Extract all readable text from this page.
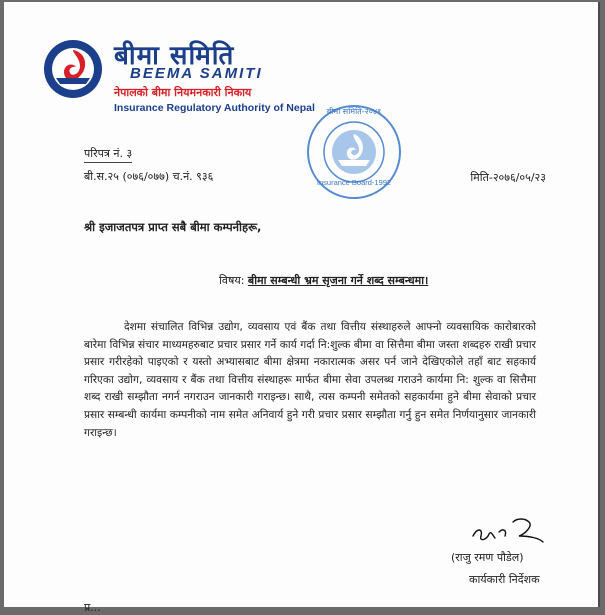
बीमा समिति
BEEMA SAMITI
नेपालको बीमा नियमनकारी निकाय
Insurance Regulatory Authority of Nepal	बीमा समिति-२०४९
Insurance Board-1992
परिपत्र नं. ३
बी.स.२५ (०७६/०७७) च.नं. ९३६	मिति-२०७६/०५/२३
श्री इजाजतपत्र प्राप्त सबै बीमा कम्पनीहरू,
विषय: बीमा सम्बन्धी भ्रम सृजना गर्ने शब्द सम्बन्धमा।
देशमा संचालित विभिन्न उद्योग, व्यवसाय एवं बैंक तथा वित्तीय संस्थाहरुले आफ्नो व्यवसायिक कारोबारको बारेमा विभिन्न संचार माध्यमहरुबाट प्रचार प्रसार गर्ने कार्य गर्दा नि:शुल्क बीमा वा सित्तैमा बीमा जस्ता शब्दहरु राखी प्रचार प्रसार गरीरहेको पाइएको र यस्तो अभ्यासबाट बीमा क्षेत्रमा नकारात्मक असर पर्न जाने देखिएकोले तहाँ बाट सहकार्य गरिएका उद्योग, व्यवसाय र बैंक तथा वित्तीय संस्थाहरू मार्फत बीमा सेवा उपलब्ध गराउने कार्यमा नि: शुल्क वा सित्तैमा शब्द राखी सम्झौता नगर्न नगराउन जानकारी गराइन्छ। साथै, त्यस कम्पनी समेतको सहकार्यमा हुने बीमा सेवाको प्रचार प्रसार सम्बन्धी कार्यमा कम्पनीको नाम समेत अनिवार्य हुने गरी प्रचार प्रसार सम्झौता गर्नु हुन समेत निर्णयानुसार जानकारी गराइन्छ।
(राजु रमण पौडेल)
कार्यकारी निर्देशक
प्र...
